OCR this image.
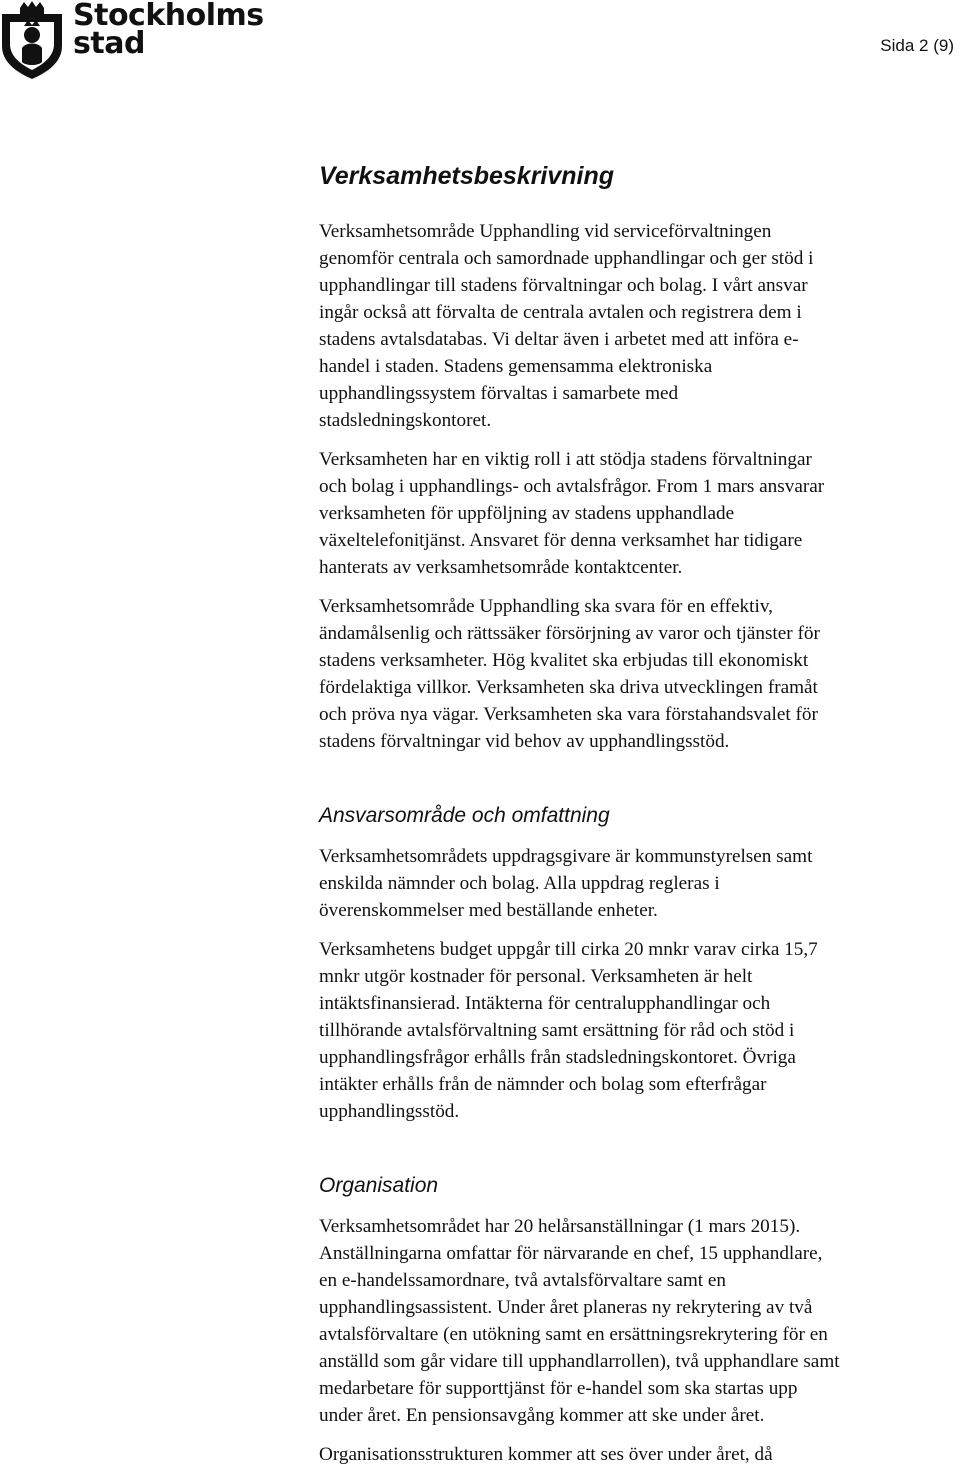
Stockholms
stad	Sida 2 (9)
Verksamhetsbeskrivning

Verksamhetsområde Upphandling vid serviceförvaltningen
genomför centrala och samordnade upphandlingar och ger stöd i
upphandlingar till stadens förvaltningar och bolag. I vårt ansvar
ingår också att förvalta de centrala avtalen och registrera dem i
stadens avtalsdatabas. Vi deltar även i arbetet med att införa e-
handel i staden. Stadens gemensamma elektroniska
upphandlingssystem förvaltas i samarbete med
stadsledningskontoret.

Verksamheten har en viktig roll i att stödja stadens förvaltningar
och bolag i upphandlings- och avtalsfrågor. From 1 mars ansvarar
verksamheten för uppföljning av stadens upphandlade
växeltelefonitjänst. Ansvaret för denna verksamhet har tidigare
hanterats av verksamhetsområde kontaktcenter.

Verksamhetsområde Upphandling ska svara för en effektiv,
ändamålsenlig och rättssäker försörjning av varor och tjänster för
stadens verksamheter. Hög kvalitet ska erbjudas till ekonomiskt
fördelaktiga villkor. Verksamheten ska driva utvecklingen framåt
och pröva nya vägar. Verksamheten ska vara förstahandsvalet för
stadens förvaltningar vid behov av upphandlingsstöd.

Ansvarsområde och omfattning

Verksamhetsområdets uppdragsgivare är kommunstyrelsen samt
enskilda nämnder och bolag. Alla uppdrag regleras i
överenskommelser med beställande enheter.

Verksamhetens budget uppgår till cirka 20 mnkr varav cirka 15,7
mnkr utgör kostnader för personal. Verksamheten är helt
intäktsfinansierad. Intäkterna för centralupphandlingar och
tillhörande avtalsförvaltning samt ersättning för råd och stöd i
upphandlingsfrågor erhålls från stadsledningskontoret. Övriga
intäkter erhålls från de nämnder och bolag som efterfrågar
upphandlingsstöd.

Organisation

Verksamhetsområdet har 20 helårsanställningar (1 mars 2015).
Anställningarna omfattar för närvarande en chef, 15 upphandlare,
en e-handelssamordnare, två avtalsförvaltare samt en
upphandlingsassistent. Under året planeras ny rekrytering av två
avtalsförvaltare (en utökning samt en ersättningsrekrytering för en
anställd som går vidare till upphandlarrollen), två upphandlare samt
medarbetare för supporttjänst för e-handel som ska startas upp
under året. En pensionsavgång kommer att ske under året.

Organisationsstrukturen kommer att ses över under året, då
